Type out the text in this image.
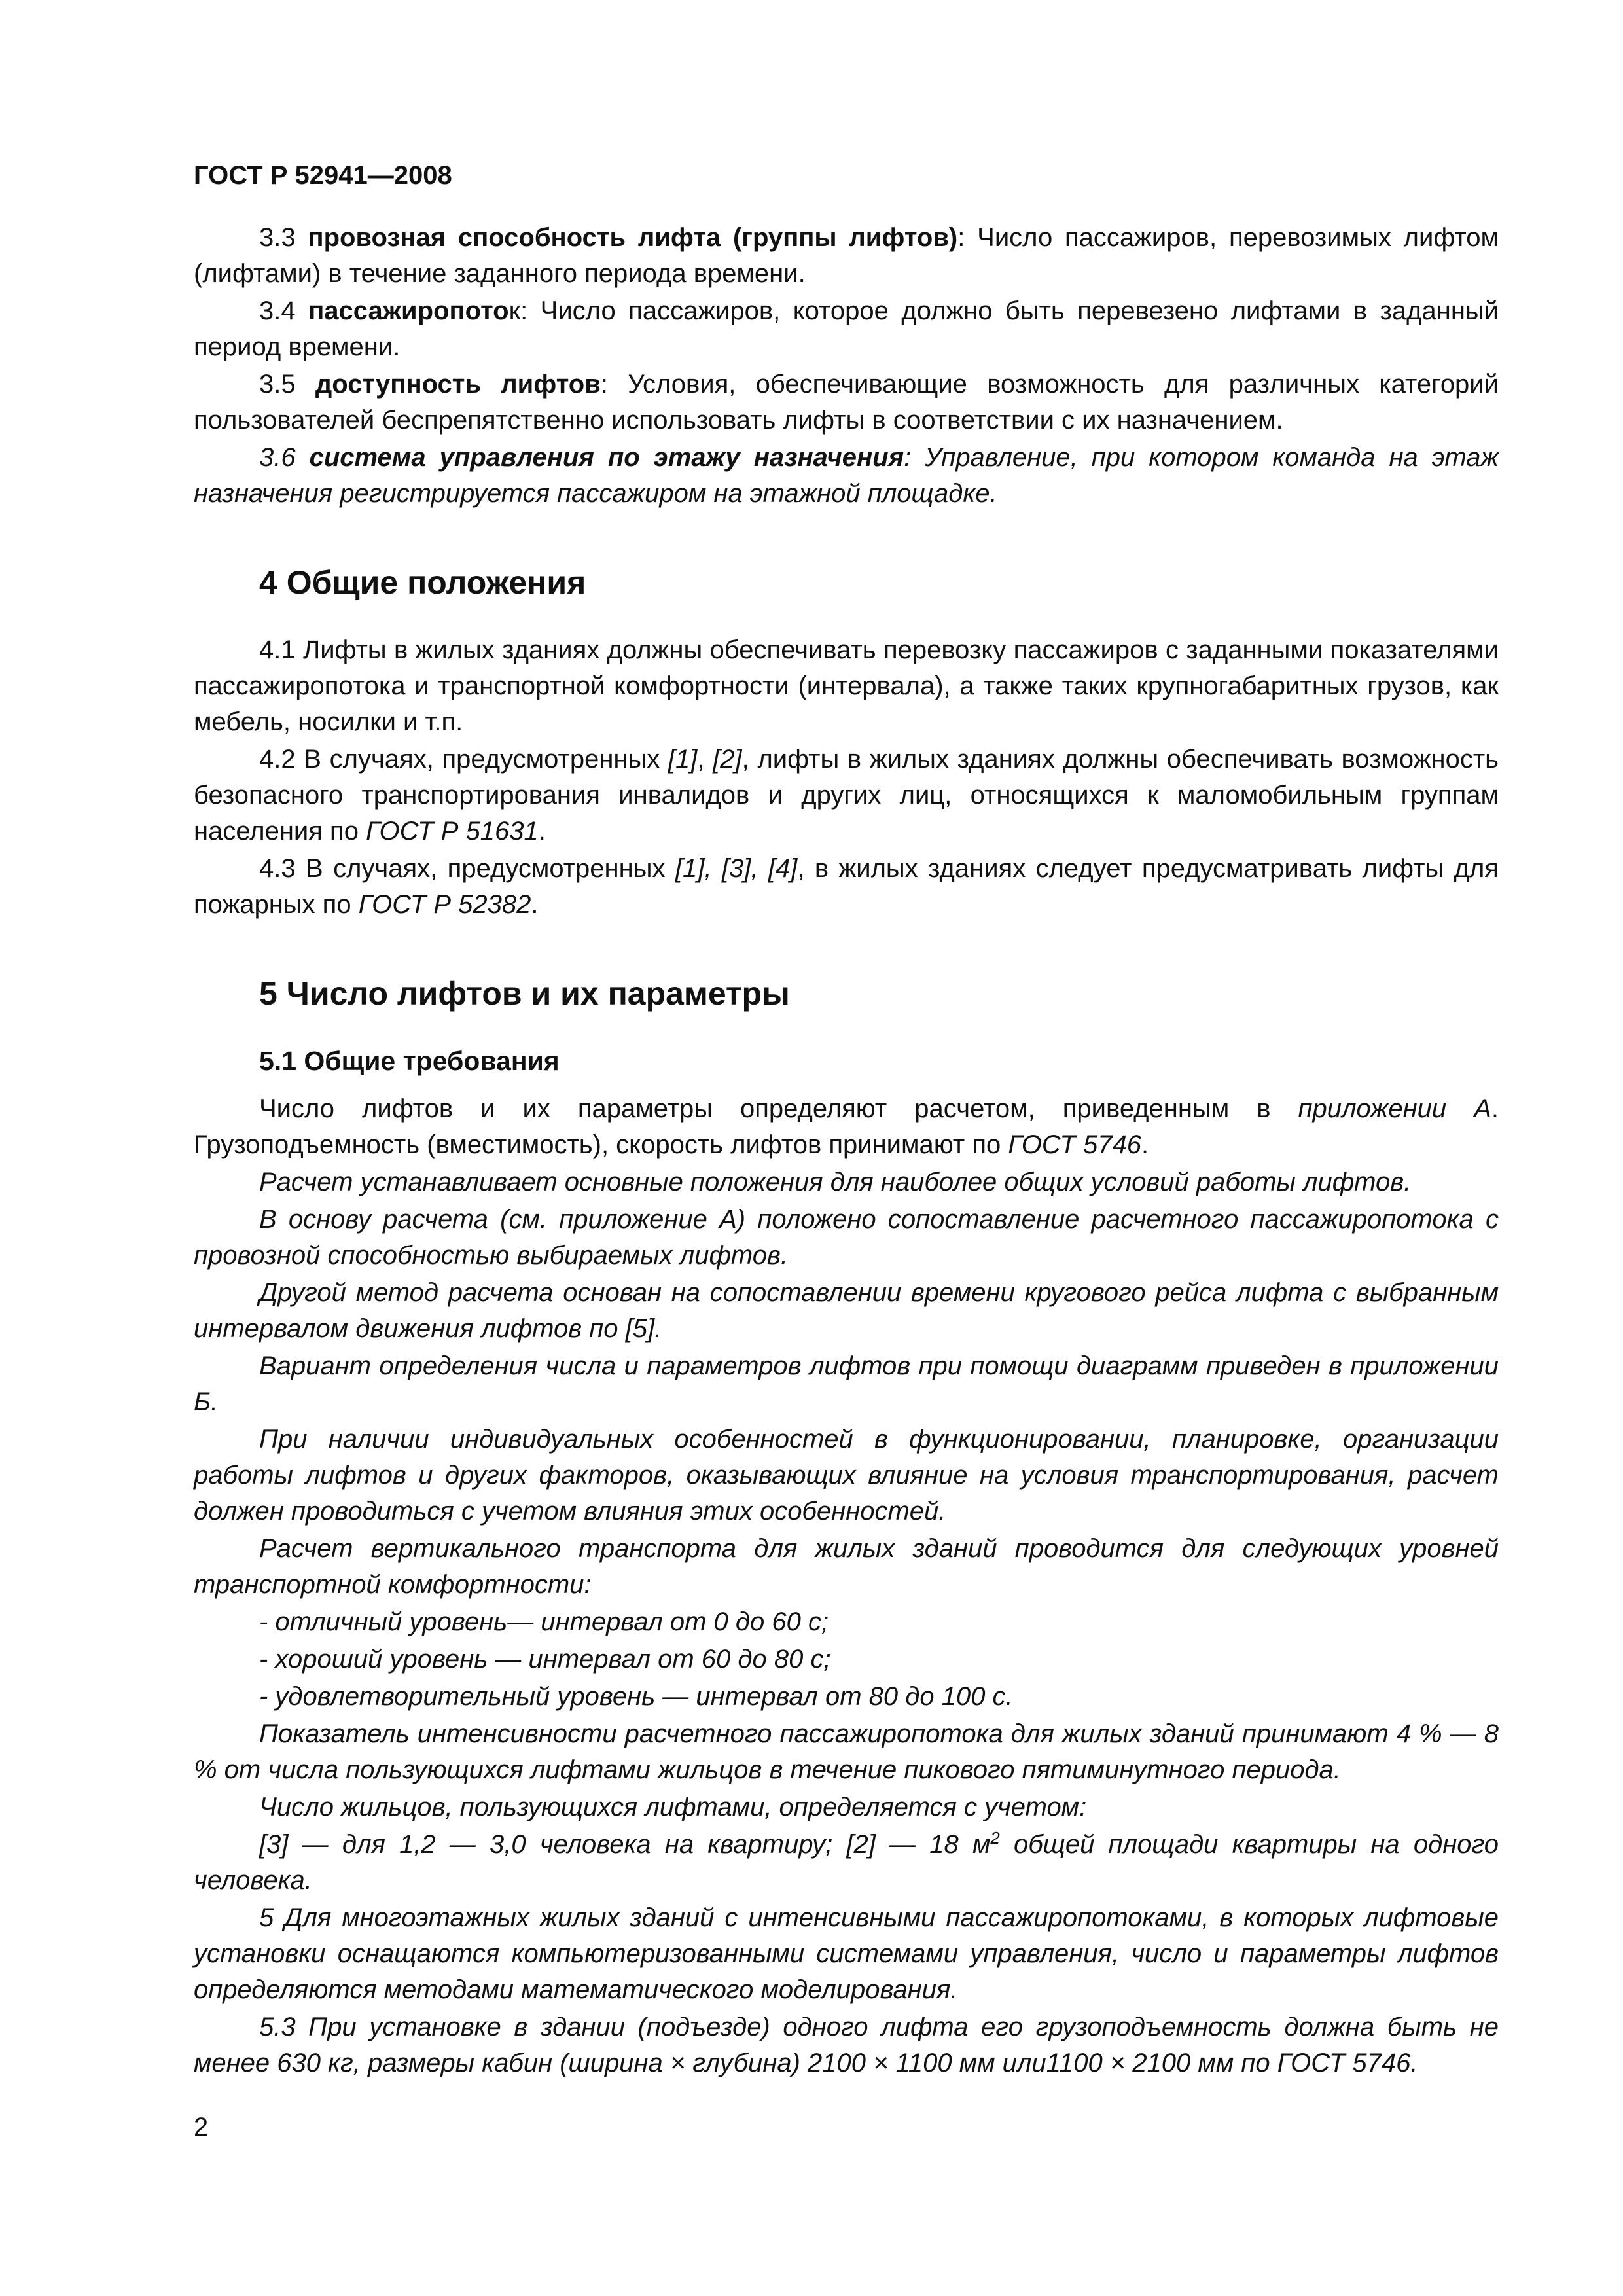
ГОСТ Р 52941—2008

3.3 провозная способность лифта (группы лифтов): Число пассажиров, перевозимых лифтом (лифтами) в течение заданного периода времени.

3.4 пассажиропоток: Число пассажиров, которое должно быть перевезено лифтами в заданный период времени.

3.5 доступность лифтов: Условия, обеспечивающие возможность для различных категорий пользователей беспрепятственно использовать лифты в соответствии с их назначением.

3.6 система управления по этажу назначения: Управление, при котором команда на этаж назначения регистрируется пассажиром на этажной площадке.

4 Общие положения

4.1 Лифты в жилых зданиях должны обеспечивать перевозку пассажиров с заданными показателями пассажиропотока и транспортной комфортности (интервала), а также таких крупногабаритных грузов, как мебель, носилки и т.п.

4.2 В случаях, предусмотренных [1], [2], лифты в жилых зданиях должны обеспечивать возможность безопасного транспортирования инвалидов и других лиц, относящихся к маломобильным группам населения по ГОСТ Р 51631.

4.3 В случаях, предусмотренных [1], [3], [4], в жилых зданиях следует предусматривать лифты для пожарных по ГОСТ Р 52382.

5 Число лифтов и их параметры
5.1 Общие требования

Число лифтов и их параметры определяют расчетом, приведенным в приложении А. Грузоподъемность (вместимость), скорость лифтов принимают по ГОСТ 5746.

Расчет устанавливает основные положения для наиболее общих условий работы лифтов.

В основу расчета (см. приложение А) положено сопоставление расчетного пассажиропотока с провозной способностью выбираемых лифтов.

Другой метод расчета основан на сопоставлении времени кругового рейса лифта с выбранным интервалом движения лифтов по [5].

Вариант определения числа и параметров лифтов при помощи диаграмм приведен в приложении Б.

При наличии индивидуальных особенностей в функционировании, планировке, организации работы лифтов и других факторов, оказывающих влияние на условия транспортирования, расчет должен проводиться с учетом влияния этих особенностей.

Расчет вертикального транспорта для жилых зданий проводится для следующих уровней транспортной комфортности:

- отличный уровень— интервал от 0 до 60 с;

- хороший уровень — интервал от 60 до 80 с;

- удовлетворительный уровень — интервал от 80 до 100 с.

Показатель интенсивности расчетного пассажиропотока для жилых зданий принимают 4 % — 8 % от числа пользующихся лифтами жильцов в течение пикового пятиминутного периода.

Число жильцов, пользующихся лифтами, определяется с учетом:

[3] — для 1,2 — 3,0 человека на квартиру; [2] — 18 $м^2$ общей площади квартиры на одного человека.

5 Для многоэтажных жилых зданий с интенсивными пассажиропотоками, в которых лифтовые установки оснащаются компьютеризованными системами управления, число и параметры лифтов определяются методами математического моделирования.

5.3 При установке в здании (подъезде) одного лифта его грузоподъемность должна быть не менее 630 кг, размеры кабин (ширина × глубина) 2100 × 1100 мм или1100 × 2100 мм по ГОСТ 5746.

2
